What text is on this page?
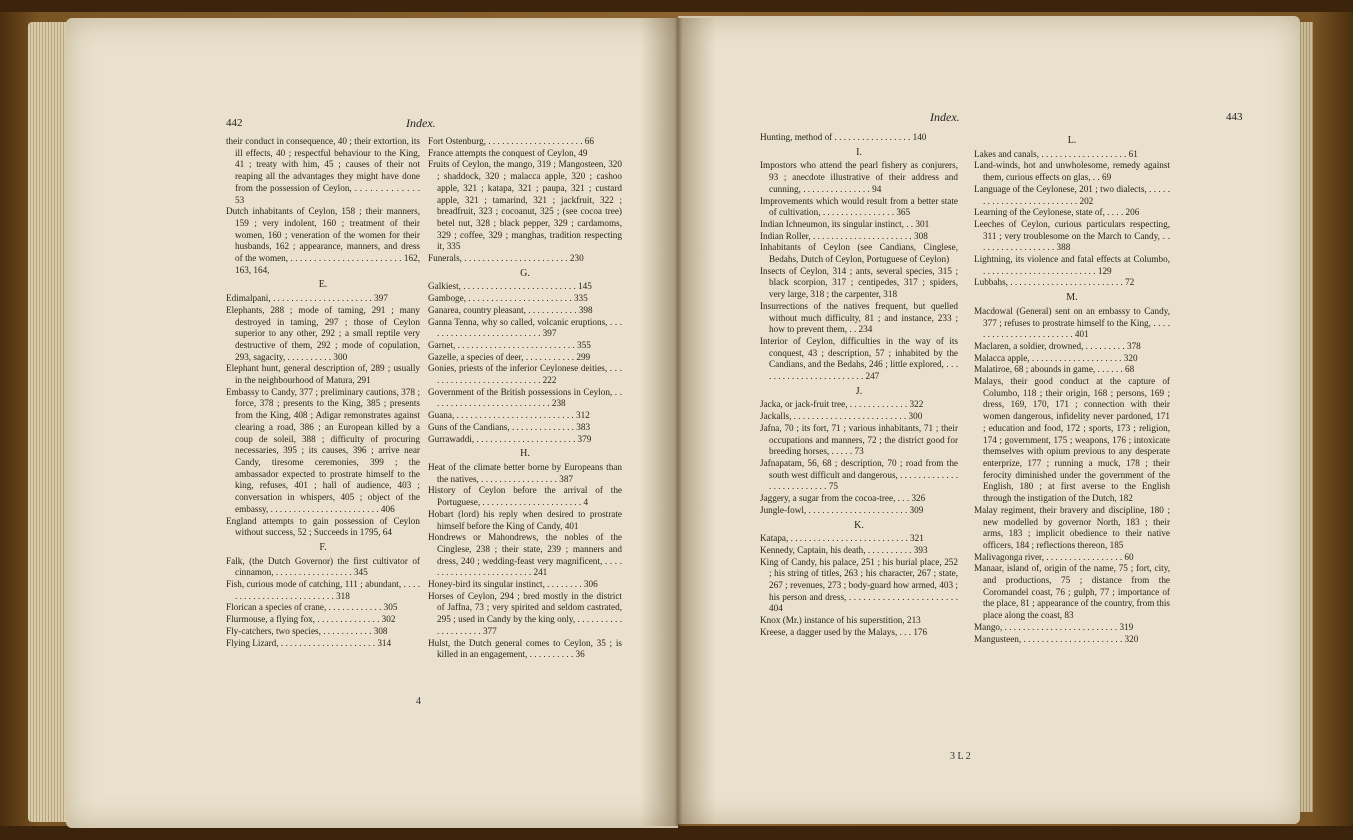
442	Index.

their conduct in consequence, 40 ; their extortion, its ill effects, 40 ; respectful behaviour to the King, 41 ; treaty with him, 45 ; causes of their not reaping all the advantages they might have done from the possession of Ceylon, . . . . . . . . . . . . . 53

Dutch inhabitants of Ceylon, 158 ; their manners, 159 ; very indolent, 160 ; treatment of their women, 160 ; veneration of the women for their husbands, 162 ; appearance, manners, and dress of the women, . . . . . . . . . . . . . . . . . . . . . . . . 162, 163, 164,

E.

Edimalpani, . . . . . . . . . . . . . . . . . . . . . . 397

Elephants, 288 ; mode of taming, 291 ; many destroyed in taming, 297 ; those of Ceylon superior to any other, 292 ; a small reptile very destructive of them, 292 ; mode of copulation, 293, sagacity, . . . . . . . . . . 300

Elephant hunt, general description of, 289 ; usually in the neighbourhood of Matura, 291

Embassy to Candy, 377 ; preliminary cautions, 378 ; force, 378 ; presents to the King, 385 ; presents from the King, 408 ; Adigar remonstrates against clearing a road, 386 ; an European killed by a coup de soleil, 388 ; difficulty of procuring necessaries, 395 ; its causes, 396 ; arrive near Candy, tiresome ceremonies, 399 ; the ambassador expected to prostrate himself to the king, refuses, 401 ; hall of audience, 403 ; conversation in whispers, 405 ; object of the embassy, . . . . . . . . . . . . . . . . . . . . . . . . 406

England attempts to gain possession of Ceylon without success, 52 ; Succeeds in 1795, 64

F.

Falk, (the Dutch Governor) the first cultivator of cinnamon, . . . . . . . . . . . . . . . . . 345

Fish, curious mode of catching, 111 ; abundant, . . . . . . . . . . . . . . . . . . . . . . . . . . 318

Florican a species of crane, . . . . . . . . . . . . 305

Flurmouse, a flying fox, . . . . . . . . . . . . . . 302

Fly-catchers, two species, . . . . . . . . . . . 308

Flying Lizard, . . . . . . . . . . . . . . . . . . . . . 314

Fort Ostenburg, . . . . . . . . . . . . . . . . . . . . . 66

France attempts the conquest of Ceylon, 49

Fruits of Ceylon, the mango, 319 ; Mangosteen, 320 ; shaddock, 320 ; malacca apple, 320 ; cashoo apple, 321 ; katapa, 321 ; paupa, 321 ; custard apple, 321 ; tamarind, 321 ; jackfruit, 322 ; breadfruit, 323 ; cocoanut, 325 ; (see cocoa tree) betel nut, 328 ; black pepper, 329 ; cardamoms, 329 ; coffee, 329 ; manghas, tradition respecting it, 335

Funerals, . . . . . . . . . . . . . . . . . . . . . . . 230

G.

Galkiest, . . . . . . . . . . . . . . . . . . . . . . . . . 145

Gamboge, . . . . . . . . . . . . . . . . . . . . . . . 335

Ganarea, country pleasant, . . . . . . . . . . . 398

Ganna Tenna, why so called, volcanic eruptions, . . . . . . . . . . . . . . . . . . . . . . . . . . 397

Garnet, . . . . . . . . . . . . . . . . . . . . . . . . . . 355

Gazelle, a species of deer, . . . . . . . . . . . 299

Gonies, priests of the inferior Ceylonese deities, . . . . . . . . . . . . . . . . . . . . . . . . . . 222

Government of the British possessions in Ceylon, . . . . . . . . . . . . . . . . . . . . . . . . . . . 238

Guana, . . . . . . . . . . . . . . . . . . . . . . . . . . 312

Guns of the Candians, . . . . . . . . . . . . . . 383

Gurrawaddi, . . . . . . . . . . . . . . . . . . . . . . 379

H.

Heat of the climate better borne by Europeans than the natives, . . . . . . . . . . . . . . . . . 387

History of Ceylon before the arrival of the Portuguese, . . . . . . . . . . . . . . . . . . . . . . 4

Hobart (lord) his reply when desired to prostrate himself before the King of Candy, 401

Hondrews or Mahondrews, the nobles of the Cinglese, 238 ; their state, 239 ; manners and dress, 240 ; wedding-feast very magnificent, . . . . . . . . . . . . . . . . . . . . . . . . . 241

Honey-bird its singular instinct, . . . . . . . . 306

Horses of Ceylon, 294 ; bred mostly in the district of Jaffna, 73 ; very spirited and seldom castrated, 295 ; used in Candy by the king only, . . . . . . . . . . . . . . . . . . . . 377

Hulst, the Dutch general comes to Ceylon, 35 ; is killed in an engagement, . . . . . . . . . . 36

4
Index.	443

Hunting, method of . . . . . . . . . . . . . . . . . 140

I.

Impostors who attend the pearl fishery as conjurers, 93 ; anecdote illustrative of their address and cunning, . . . . . . . . . . . . . . . 94

Improvements which would result from a better state of cultivation, . . . . . . . . . . . . . . . . 365

Indian Ichneumon, its singular instinct, . . 301

Indian Roller, . . . . . . . . . . . . . . . . . . . . . . 308

Inhabitants of Ceylon (see Candians, Cinglese, Bedahs, Dutch of Ceylon, Portuguese of Ceylon)

Insects of Ceylon, 314 ; ants, several species, 315 ; black scorpion, 317 ; centipedes, 317 ; spiders, very large, 318 ; the carpenter, 318

Insurrections of the natives frequent, but quelled without much difficulty, 81 ; and instance, 233 ; how to prevent them, . . 234

Interior of Ceylon, difficulties in the way of its conquest, 43 ; description, 57 ; inhabited by the Candians, and the Bedahs, 246 ; little explored, . . . . . . . . . . . . . . . . . . . . . . . . 247

J.

Jacka, or jack-fruit tree, . . . . . . . . . . . . . 322

Jackalls, . . . . . . . . . . . . . . . . . . . . . . . . . 300

Jafna, 70 ; its fort, 71 ; various inhabitants, 71 ; their occupations and manners, 72 ; the district good for breeding horses, . . . . . 73

Jafnapatam, 56, 68 ; description, 70 ; road from the south west difficult and dangerous, . . . . . . . . . . . . . . . . . . . . . . . . . . 75

Jaggery, a sugar from the cocoa-tree, . . . 326

Jungle-fowl, . . . . . . . . . . . . . . . . . . . . . . 309

K.

Katapa, . . . . . . . . . . . . . . . . . . . . . . . . . . 321

Kennedy, Captain, his death, . . . . . . . . . . 393

King of Candy, his palace, 251 ; his burial place, 252 ; his string of titles, 263 ; his character, 267 ; state, 267 ; revenues, 273 ; body-guard how armed, 403 ; his person and dress, . . . . . . . . . . . . . . . . . . . . . . . 404

Knox (Mr.) instance of his superstition, 213

Kreese, a dagger used by the Malays, . . . 176

L.

Lakes and canals, . . . . . . . . . . . . . . . . . . . 61

Land-winds, hot and unwholesome, remedy against them, curious effects on glas, . . 69

Language of the Ceylonese, 201 ; two dialects, . . . . . . . . . . . . . . . . . . . . . . . . . . 202

Learning of the Ceylonese, state of, . . . . 206

Leeches of Ceylon, curious particulars respecting, 311 ; very troublesome on the March to Candy, . . . . . . . . . . . . . . . . . . 388

Lightning, its violence and fatal effects at Columbo, . . . . . . . . . . . . . . . . . . . . . . . . . 129

Lubbahs, . . . . . . . . . . . . . . . . . . . . . . . . . 72

M.

Macdowal (General) sent on an embassy to Candy, 377 ; refuses to prostrate himself to the King, . . . . . . . . . . . . . . . . . . . . . . . . 401

Maclaren, a soldier, drowned, . . . . . . . . . 378

Malacca apple, . . . . . . . . . . . . . . . . . . . . 320

Malatiroe, 68 ; abounds in game, . . . . . . 68

Malays, their good conduct at the capture of Columbo, 118 ; their origin, 168 ; persons, 169 ; dress, 169, 170, 171 ; connection with their women dangerous, infidelity never pardoned, 171 ; education and food, 172 ; sports, 173 ; religion, 174 ; government, 175 ; weapons, 176 ; intoxicate themselves with opium previous to any desperate enterprize, 177 ; running a muck, 178 ; their ferocity diminished under the government of the English, 180 ; at first averse to the English through the instigation of the Dutch, 182

Malay regiment, their bravery and discipline, 180 ; new modelled by governor North, 183 ; their arms, 183 ; implicit obedience to their native officers, 184 ; reflections thereon, 185

Malivagonga river, . . . . . . . . . . . . . . . . . 60

Manaar, island of, origin of the name, 75 ; fort, city, and productions, 75 ; distance from the Coromandel coast, 76 ; gulph, 77 ; importance of the place, 81 ; appearance of the country, from this place along the coast, 83

Mango, . . . . . . . . . . . . . . . . . . . . . . . . . 319

Mangusteen, . . . . . . . . . . . . . . . . . . . . . . 320

3 L 2
